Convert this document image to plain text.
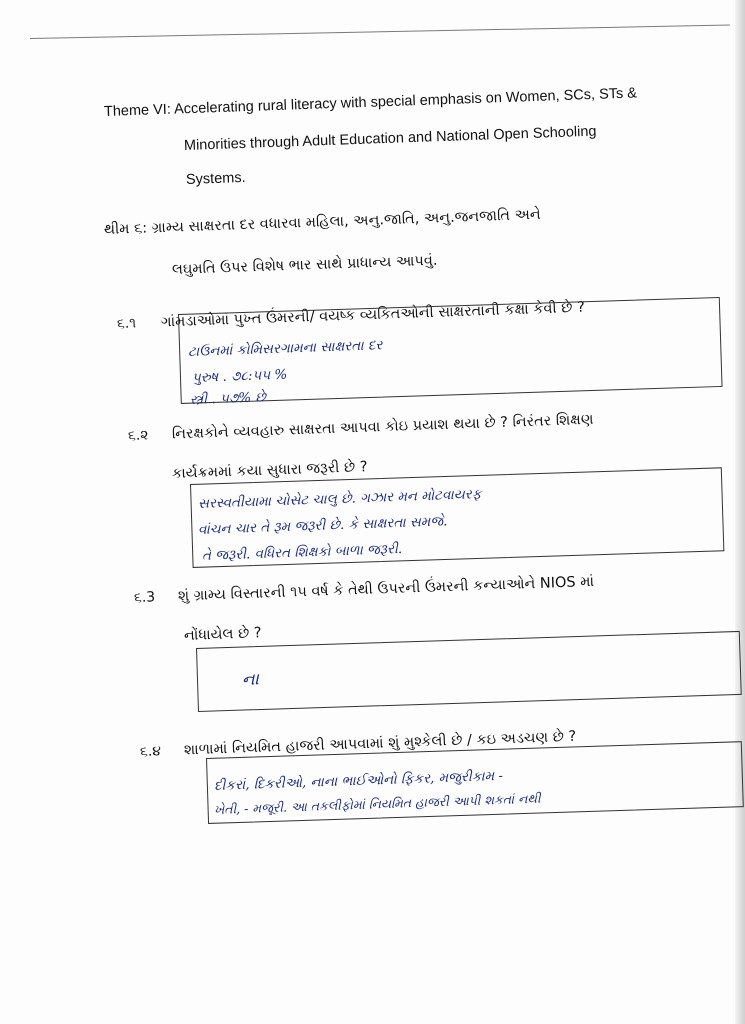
Theme VI: Accelerating rural literacy with special emphasis on Women, SCs, STs &
Minorities through Adult Education and National Open Schooling
Systems.
થીમ ૬: ગ્રામ્ય સાક્ષરતા દર વધારવા મહિલા, અનુ.જાતિ, અનુ.જનજાતિ અને
લઘુમતિ ઉપર વિશેષ ભાર સાથે પ્રાધાન્ય આપવું.
૬.૧ ગાંમડાઓમાં પુખ્ત ઉંમરની/ વયષ્ક વ્યકિતઓની સાક્ષરતાની કક્ષા કેવી છે ?
ટાઉનમાં કોમિસરગામના સાક્ષરતા દર
પુરુષ . ૭૮:૫૫ %
સ્ત્રી . ૫૭% છે
૬.૨ નિરક્ષકોને વ્યવહારુ સાક્ષરતા આપવા કોઇ પ્રયાશ થયા છે ? નિરંતર શિક્ષણ
કાર્યક્રમમાં કયા સુધારા જરૂરી છે ?
સરસ્વતીયામા ચોસેટ ચાલુ છે. ગઝાર મન મોટવાયરફ
વાંચન ચાર તે રૂમ જરૂરી છે. કે સાક્ષરતા સમજે.
તે જરૂરી. વધિરત શિક્ષકો બાળા જરૂરી.
૬.3 શું ગ્રામ્ય વિસ્તારની ૧૫ વર્ષ કે તેથી ઉપરની ઉંમરની કન્યાઓને NIOS માં
નોંધાયેલ છે ?
ના
૬.૪ શાળામાં નિયમિત હાજરી આપવામાં શું મુશ્કેલી છે / કઇ અડચણ છે ?
દીકરાં, દિકરીઓ, નાના ભાઈઓનો ફિકર, મજુરીકામ -
ખેતી, - મજૂરી. આ તકલીફોમાં નિયમિત હાજરી આપી શકતાં નથી
